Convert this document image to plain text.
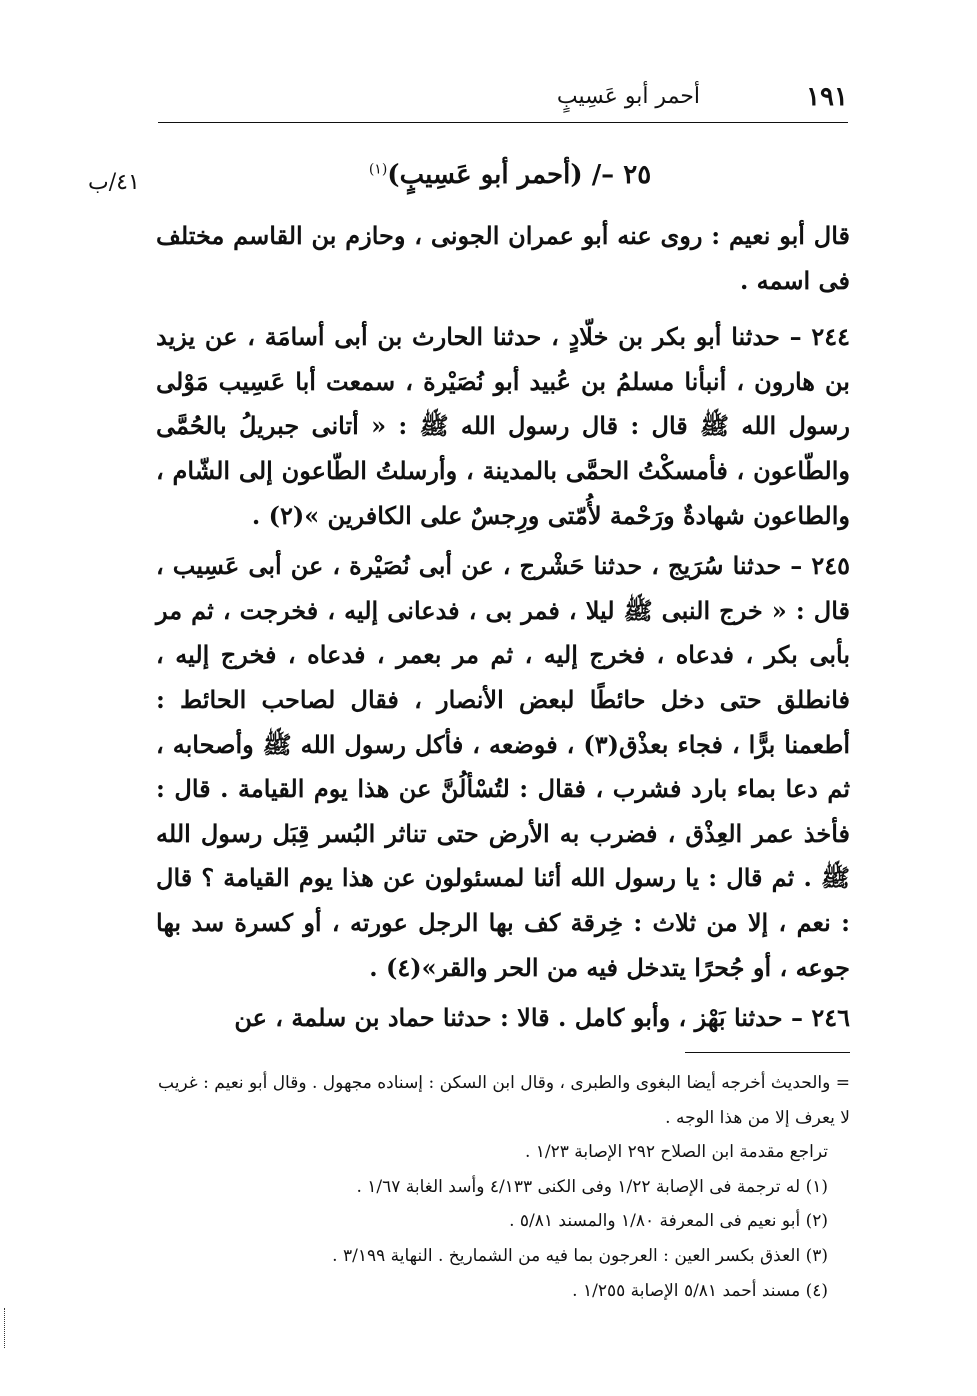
١٩١
أحمر أبو عَسِيبٍ
٤١/ب	٢٥ –/ (أحمر أبو عَسِيبٍ)$^{(١)}$

قال أبو نعيم : روى عنه أبو عمران الجونى ، وحازم بن القاسم مختلف فى اسمه .

٢٤٤ – حدثنا أبو بكر بن خلّادٍ ، حدثنا الحارث بن أبى أسامَة ، عن يزيد بن هارون ، أنبأنا مسلمُ بن عُبيد أبو نُصَيْرة ، سمعت أبا عَسِيب مَوْلى رسول الله ﷺ قال : قال رسول الله ﷺ : « أتانى جبريلُ بالحُمَّى والطّاعون ، فأمسكْتُ الحمَّى بالمدينة ، وأرسلتُ الطّاعون إلى الشّام ، والطاعون شهادةٌ ورَحْمة لأُمّتى ورِجسٌ على الكافرين »(٢) .

٢٤٥ – حدثنا سُرَيج ، حدثنا حَشْرج ، عن أبى نُصَيْرة ، عن أبى عَسِيب ، قال : « خرج النبى ﷺ ليلا ، فمر بى ، فدعانى إليه ، فخرجت ، ثم مر بأبى بكر ، فدعاه ، فخرج إليه ، ثم مر بعمر ، فدعاه ، فخرج إليه ، فانطلق حتى دخل حائطًا لبعض الأنصار ، فقال لصاحب الحائط : أطعمنا برًّا ، فجاء بعذْق(٣) ، فوضعه ، فأكل رسول الله ﷺ وأصحابه ، ثم دعا بماء بارد فشرب ، فقال : لتُسْألُنَّ عن هذا يوم القيامة . قال : فأخذ عمر العِذْق ، فضرب به الأرض حتى تناثر البُسر قِبَل رسول الله ﷺ . ثم قال : يا رسول الله أئنا لمسئولون عن هذا يوم القيامة ؟ قال : نعم ، إلا من ثلاث : خِرقة كف بها الرجل عورته ، أو كسرة سد بها جوعه ، أو جُحرًا يتدخل فيه من الحر والقر»(٤) .

٢٤٦ – حدثنا بَهْز ، وأبو كامل . قالا : حدثنا حماد بن سلمة ، عن

= والحديث أخرجه أيضا البغوى والطبرى ، وقال ابن السكن : إسناده مجهول . وقال أبو نعيم : غريب لا يعرف إلا من هذا الوجه .
تراجع مقدمة ابن الصلاح ٢٩٢ الإصابة ١/٢٣ .
(١) له ترجمة فى الإصابة ١/٢٢ وفى الكنى ٤/١٣٣ وأسد الغابة ١/٦٧ .
(٢) أبو نعيم فى المعرفة ١/٨٠ والمسند ٥/٨١ .
(٣) العذق بكسر العين : العرجون بما فيه من الشماريخ . النهاية ٣/١٩٩ .
(٤) مسند أحمد ٥/٨١ الإصابة ١/٢٥٥ .
